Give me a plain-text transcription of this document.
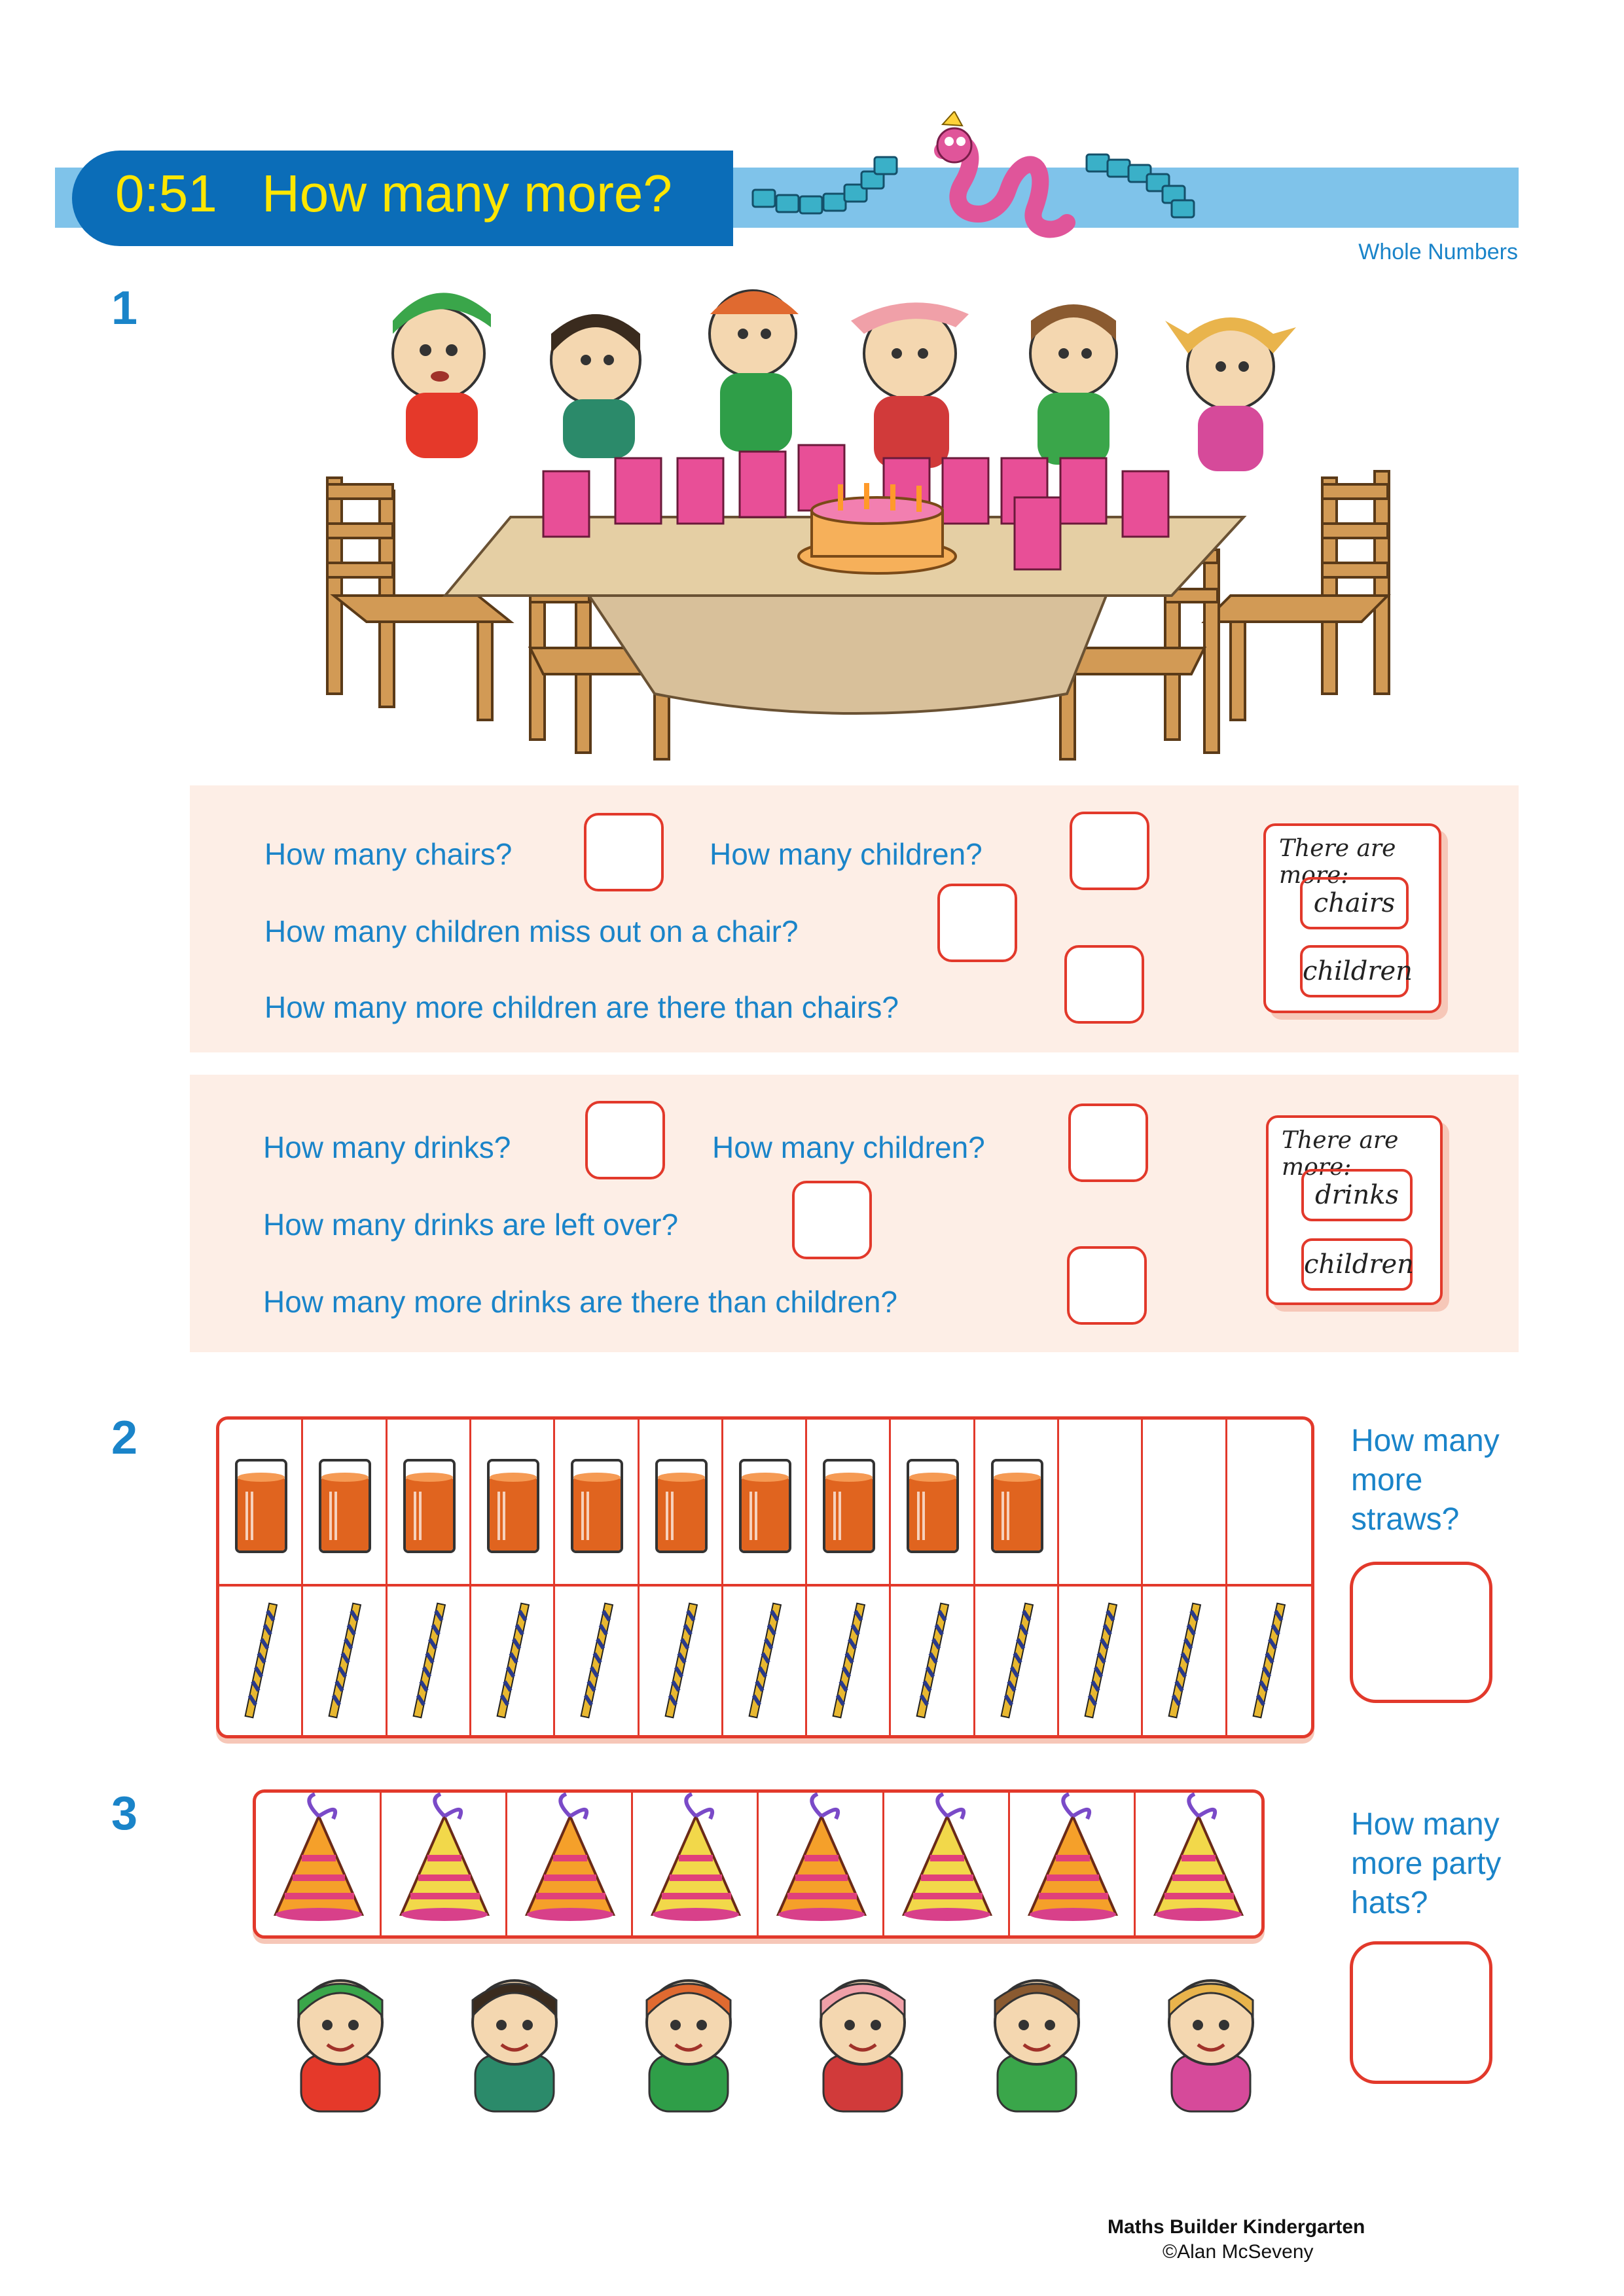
0:51 How many more?
Whole Numbers
1
How many chairs?	How many children?
How many children miss out on a chair?
How many more children are there than chairs?
There are more:
chairs
children
How many drinks?	How many children?
How many drinks are left over?
How many more drinks are there than children?
There are more:
drinks
children
2	How many
more
straws?
3	How many
more party
hats?
Maths Builder Kindergarten
©Alan McSeveny
